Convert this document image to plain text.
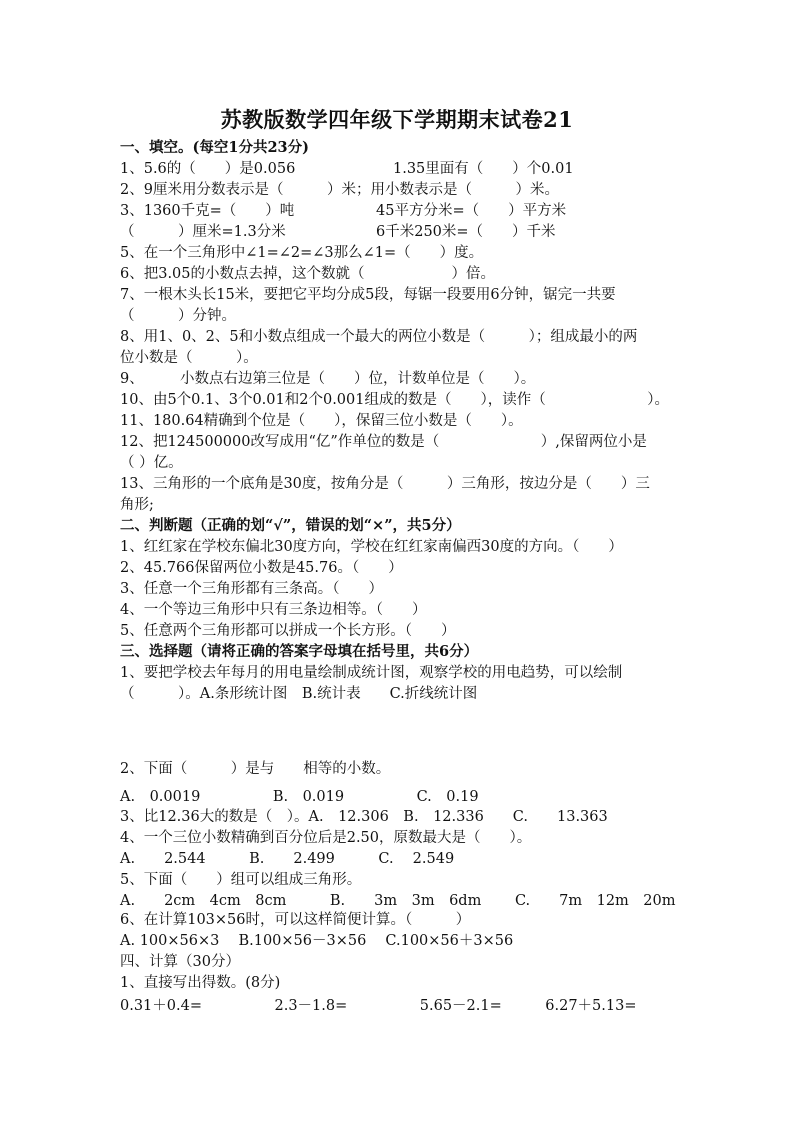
苏教版数学四年级下学期期末试卷21
一、填空。(每空1分共23分)
1、5.6的（　　）是0.056	1.35里面有（　　）个0.01
2、9厘米用分数表示是（　　　）米；用小数表示是（　　　）米。
3、1360千克=（　　）吨	45平方分米=（　　）平方米
（　　　）厘米=1.3分米	6千米250米=（　　）千米
5、在一个三角形中∠1=∠2=∠3那么∠1=（　　）度。
6、把3.05的小数点去掉，这个数就（　　　　　　）倍。
7、一根木头长15米，要把它平均分成5段，每锯一段要用6分钟，锯完一共要
（　　　）分钟。
8、用1、0、2、5和小数点组成一个最大的两位小数是（　　　）；组成最小的两
位小数是（　　　）。
9、　　　小数点右边第三位是（　　）位，计数单位是（　　）。
10、由5个0.1、3个0.01和2个0.001组成的数是（　　），读作（　　　　　　　）。
11、180.64精确到个位是（　　），保留三位小数是（　　）。
12、把124500000改写成用“亿”作单位的数是（　　　　　　　）,保留两位小是
（ ）亿。
13、三角形的一个底角是30度，按角分是（　　　）三角形，按边分是（　　）三
角形;
二、判断题（正确的划“√”，错误的划“×”，共5分）
1、红红家在学校东偏北30度方向，学校在红红家南偏西30度的方向。（　　）
2、45.766保留两位小数是45.76。（　　）
3、任意一个三角形都有三条高。（　　）
4、一个等边三角形中只有三条边相等。（　　）
5、任意两个三角形都可以拼成一个长方形。（　　）
三、选择题（请将正确的答案字母填在括号里，共6分）
1、要把学校去年每月的用电量绘制成统计图，观察学校的用电趋势，可以绘制
（　　　）。A.条形统计图　B.统计表　　C.折线统计图
2、下面（　　　）是与　　相等的小数。
A.　0.0019　　　　　B.　0.019　　　　　C.　0.19
3、比12.36大的数是（　）。A.　12.306　B.　12.336　　C.　　13.363
4、一个三位小数精确到百分位后是2.50，原数最大是（　　）。
A.　　2.544　　　B.　　2.499　　　C.　 2.549
5、下面（　　）组可以组成三角形。
A.　　2cm　4cm　8cm　　　B.　　3m　3m　6dm　　 C.　　7m　12m　20m
6、在计算103×56时，可以这样简便计算。（　　　）
A. 100×56×3　 B.100×56－3×56　 C.100×56＋3×56
四、计算（30分）
1、直接写出得数。(8分)
0.31＋0.4=　　　　　2.3－1.8=　　　　　5.65－2.1=　　　6.27＋5.13=
